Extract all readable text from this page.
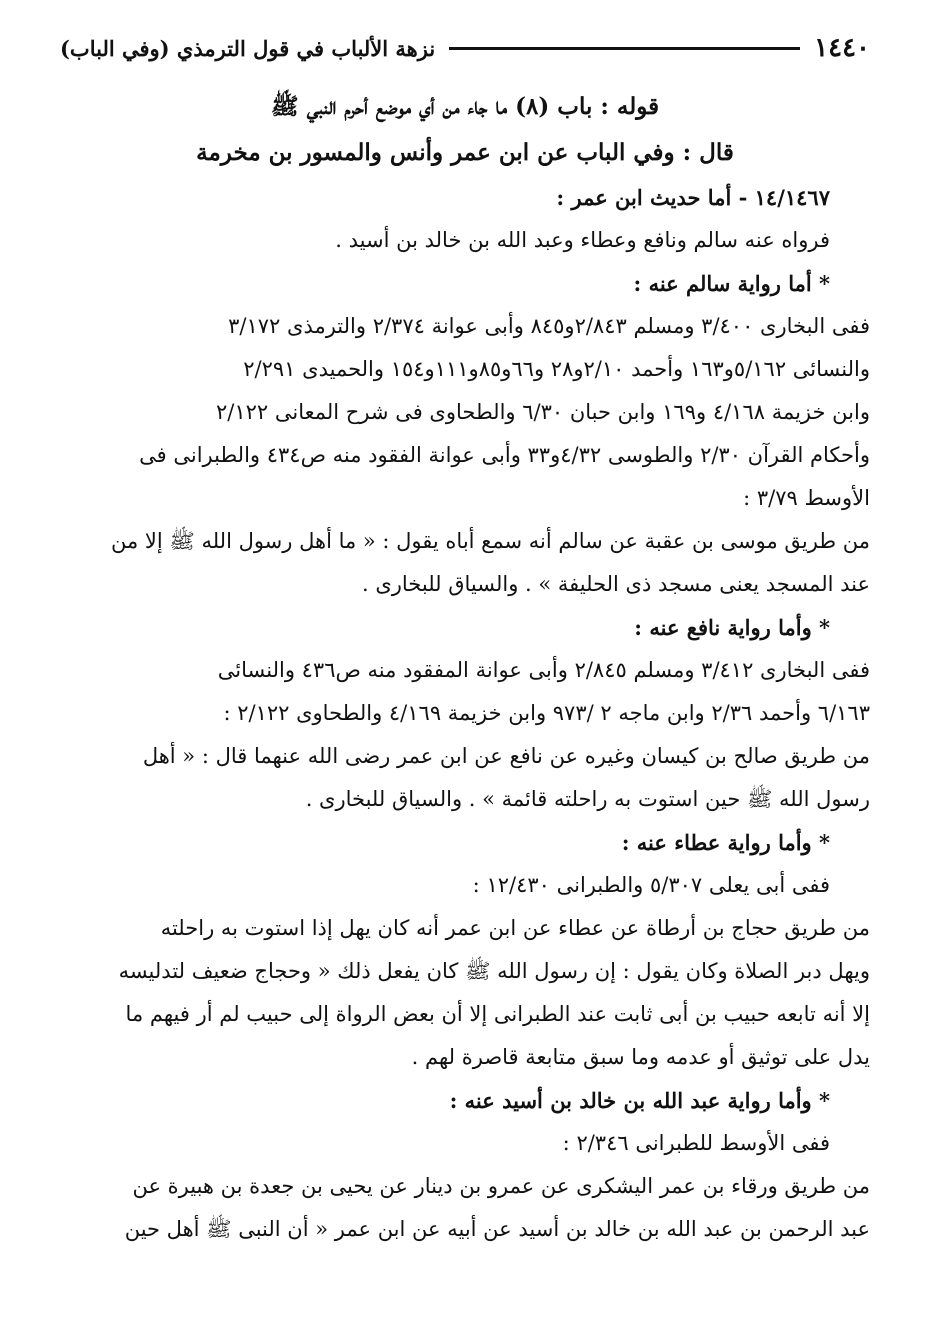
١٤٤٠
نزهة الألباب في قول الترمذي (وفي الباب)
قوله : باب (٨) ما جاء من أي موضع أحرم النبي ﷺ
قال : وفي الباب عن ابن عمر وأنس والمسور بن مخرمة
١٤/١٤٦٧ - أما حديث ابن عمر :
فرواه عنه سالم ونافع وعطاء وعبد الله بن خالد بن أسيد .
* أما رواية سالم عنه :
ففى البخارى ٣/٤٠٠ ومسلم ٢/٨٤٣و٨٤٥ وأبى عوانة ٢/٣٧٤ والترمذى ٣/١٧٢
والنسائى ٥/١٦٢و١٦٣ وأحمد ٢/١٠و٢٨ و٦٦و٨٥و١١١و١٥٤ والحميدى ٢/٢٩١
وابن خزيمة ٤/١٦٨ و١٦٩ وابن حبان ٦/٣٠ والطحاوى فى شرح المعانى ٢/١٢٢
وأحكام القرآن ٢/٣٠ والطوسى ٤/٣٢و٣٣ وأبى عوانة الفقود منه ص٤٣٤ والطبرانى فى
الأوسط ٣/٧٩ :
من طريق موسى بن عقبة عن سالم أنه سمع أباه يقول : « ما أهل رسول الله ﷺ إلا من
عند المسجد يعنى مسجد ذى الحليفة » . والسياق للبخارى .
* وأما رواية نافع عنه :
ففى البخارى ٣/٤١٢ ومسلم ٢/٨٤٥ وأبى عوانة المفقود منه ص٤٣٦ والنسائى
٦/١٦٣ وأحمد ٢/٣٦ وابن ماجه ٢ /٩٧٣ وابن خزيمة ٤/١٦٩ والطحاوى ٢/١٢٢ :
من طريق صالح بن كيسان وغيره عن نافع عن ابن عمر رضى الله عنهما قال : « أهل
رسول الله ﷺ حين استوت به راحلته قائمة » . والسياق للبخارى .
* وأما رواية عطاء عنه :
ففى أبى يعلى ٥/٣٠٧ والطبرانى ١٢/٤٣٠ :
من طريق حجاج بن أرطاة عن عطاء عن ابن عمر أنه كان يهل إذا استوت به راحلته
ويهل دبر الصلاة وكان يقول : إن رسول الله ﷺ كان يفعل ذلك « وحجاج ضعيف لتدليسه
إلا أنه تابعه حبيب بن أبى ثابت عند الطبرانى إلا أن بعض الرواة إلى حبيب لم أر فيهم ما
يدل على توثيق أو عدمه وما سبق متابعة قاصرة لهم .
* وأما رواية عبد الله بن خالد بن أسيد عنه :
ففى الأوسط للطبرانى ٢/٣٤٦ :
من طريق ورقاء بن عمر اليشكرى عن عمرو بن دينار عن يحيى بن جعدة بن هبيرة عن
عبد الرحمن بن عبد الله بن خالد بن أسيد عن أبيه عن ابن عمر « أن النبى ﷺ أهل حين
